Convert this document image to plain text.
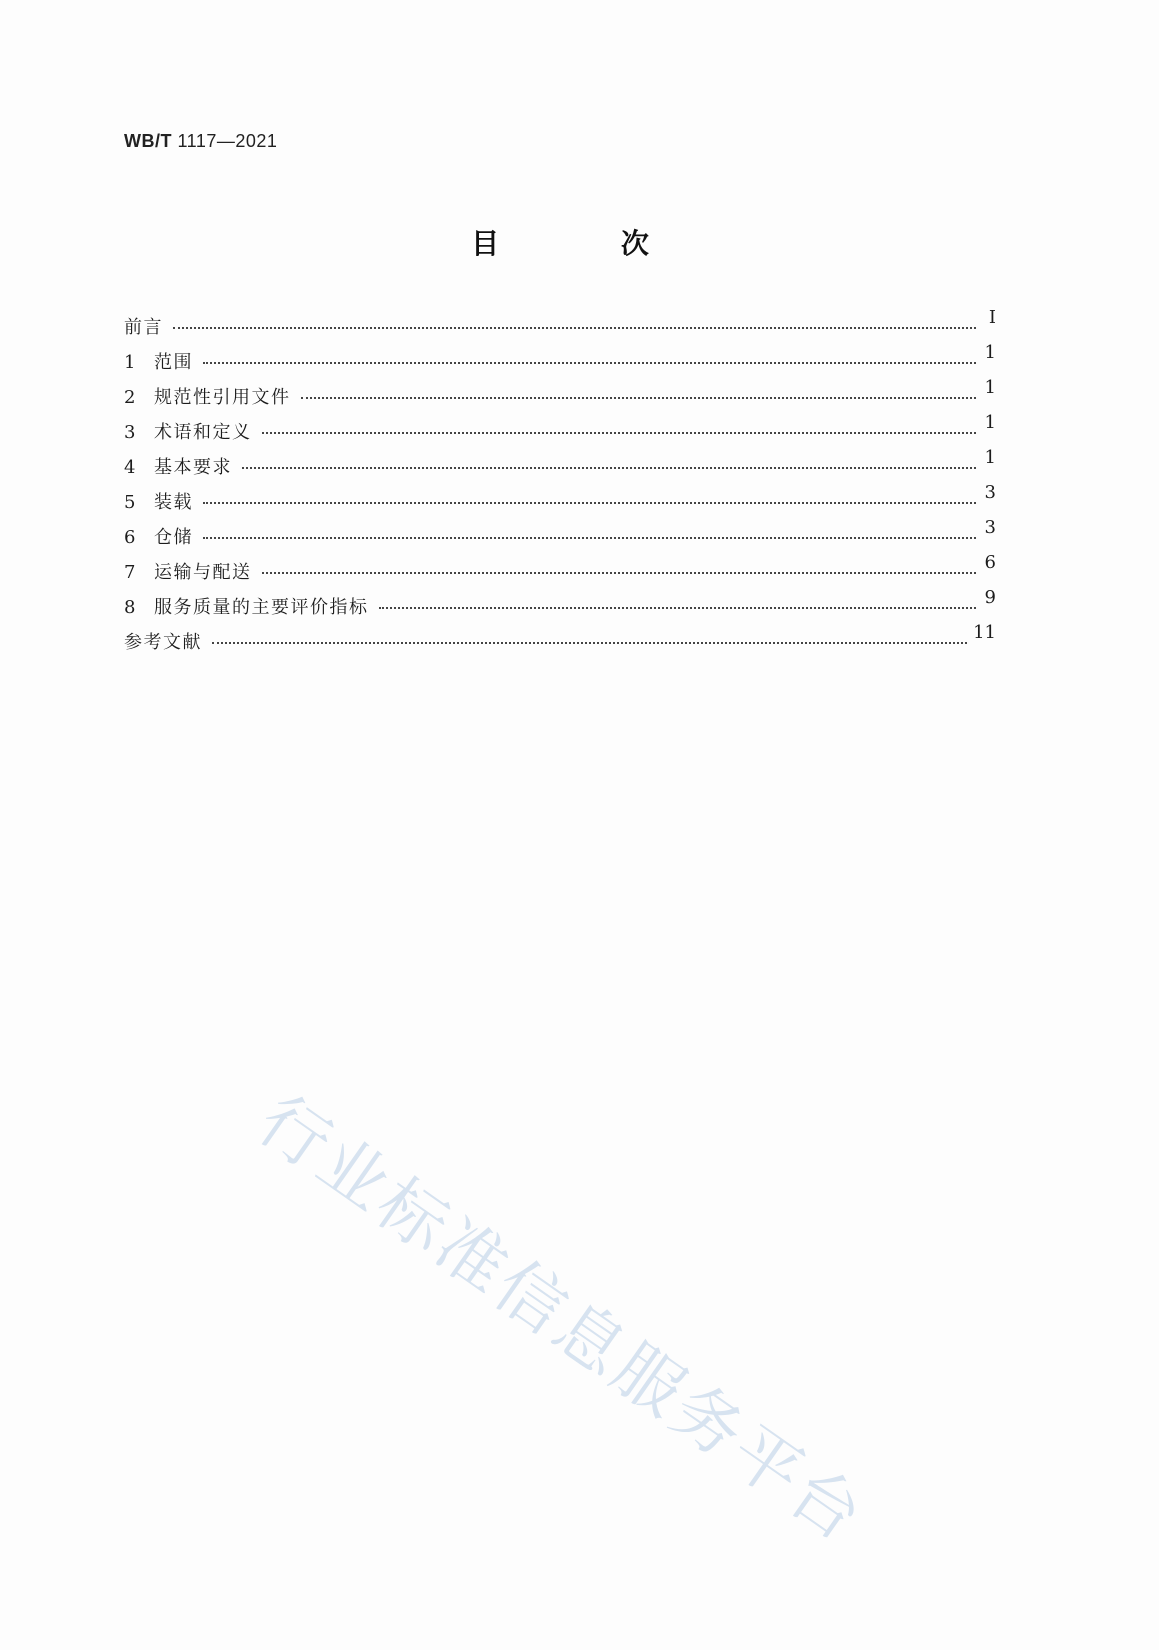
WB/T 1117—2021
目 次
前言	I
1	范围	1
2	规范性引用文件	1
3	术语和定义	1
4	基本要求	1
5	装载	3
6	仓储	3
7	运输与配送	6
8	服务质量的主要评价指标	9
参考文献	11
行业标准信息服务平台
